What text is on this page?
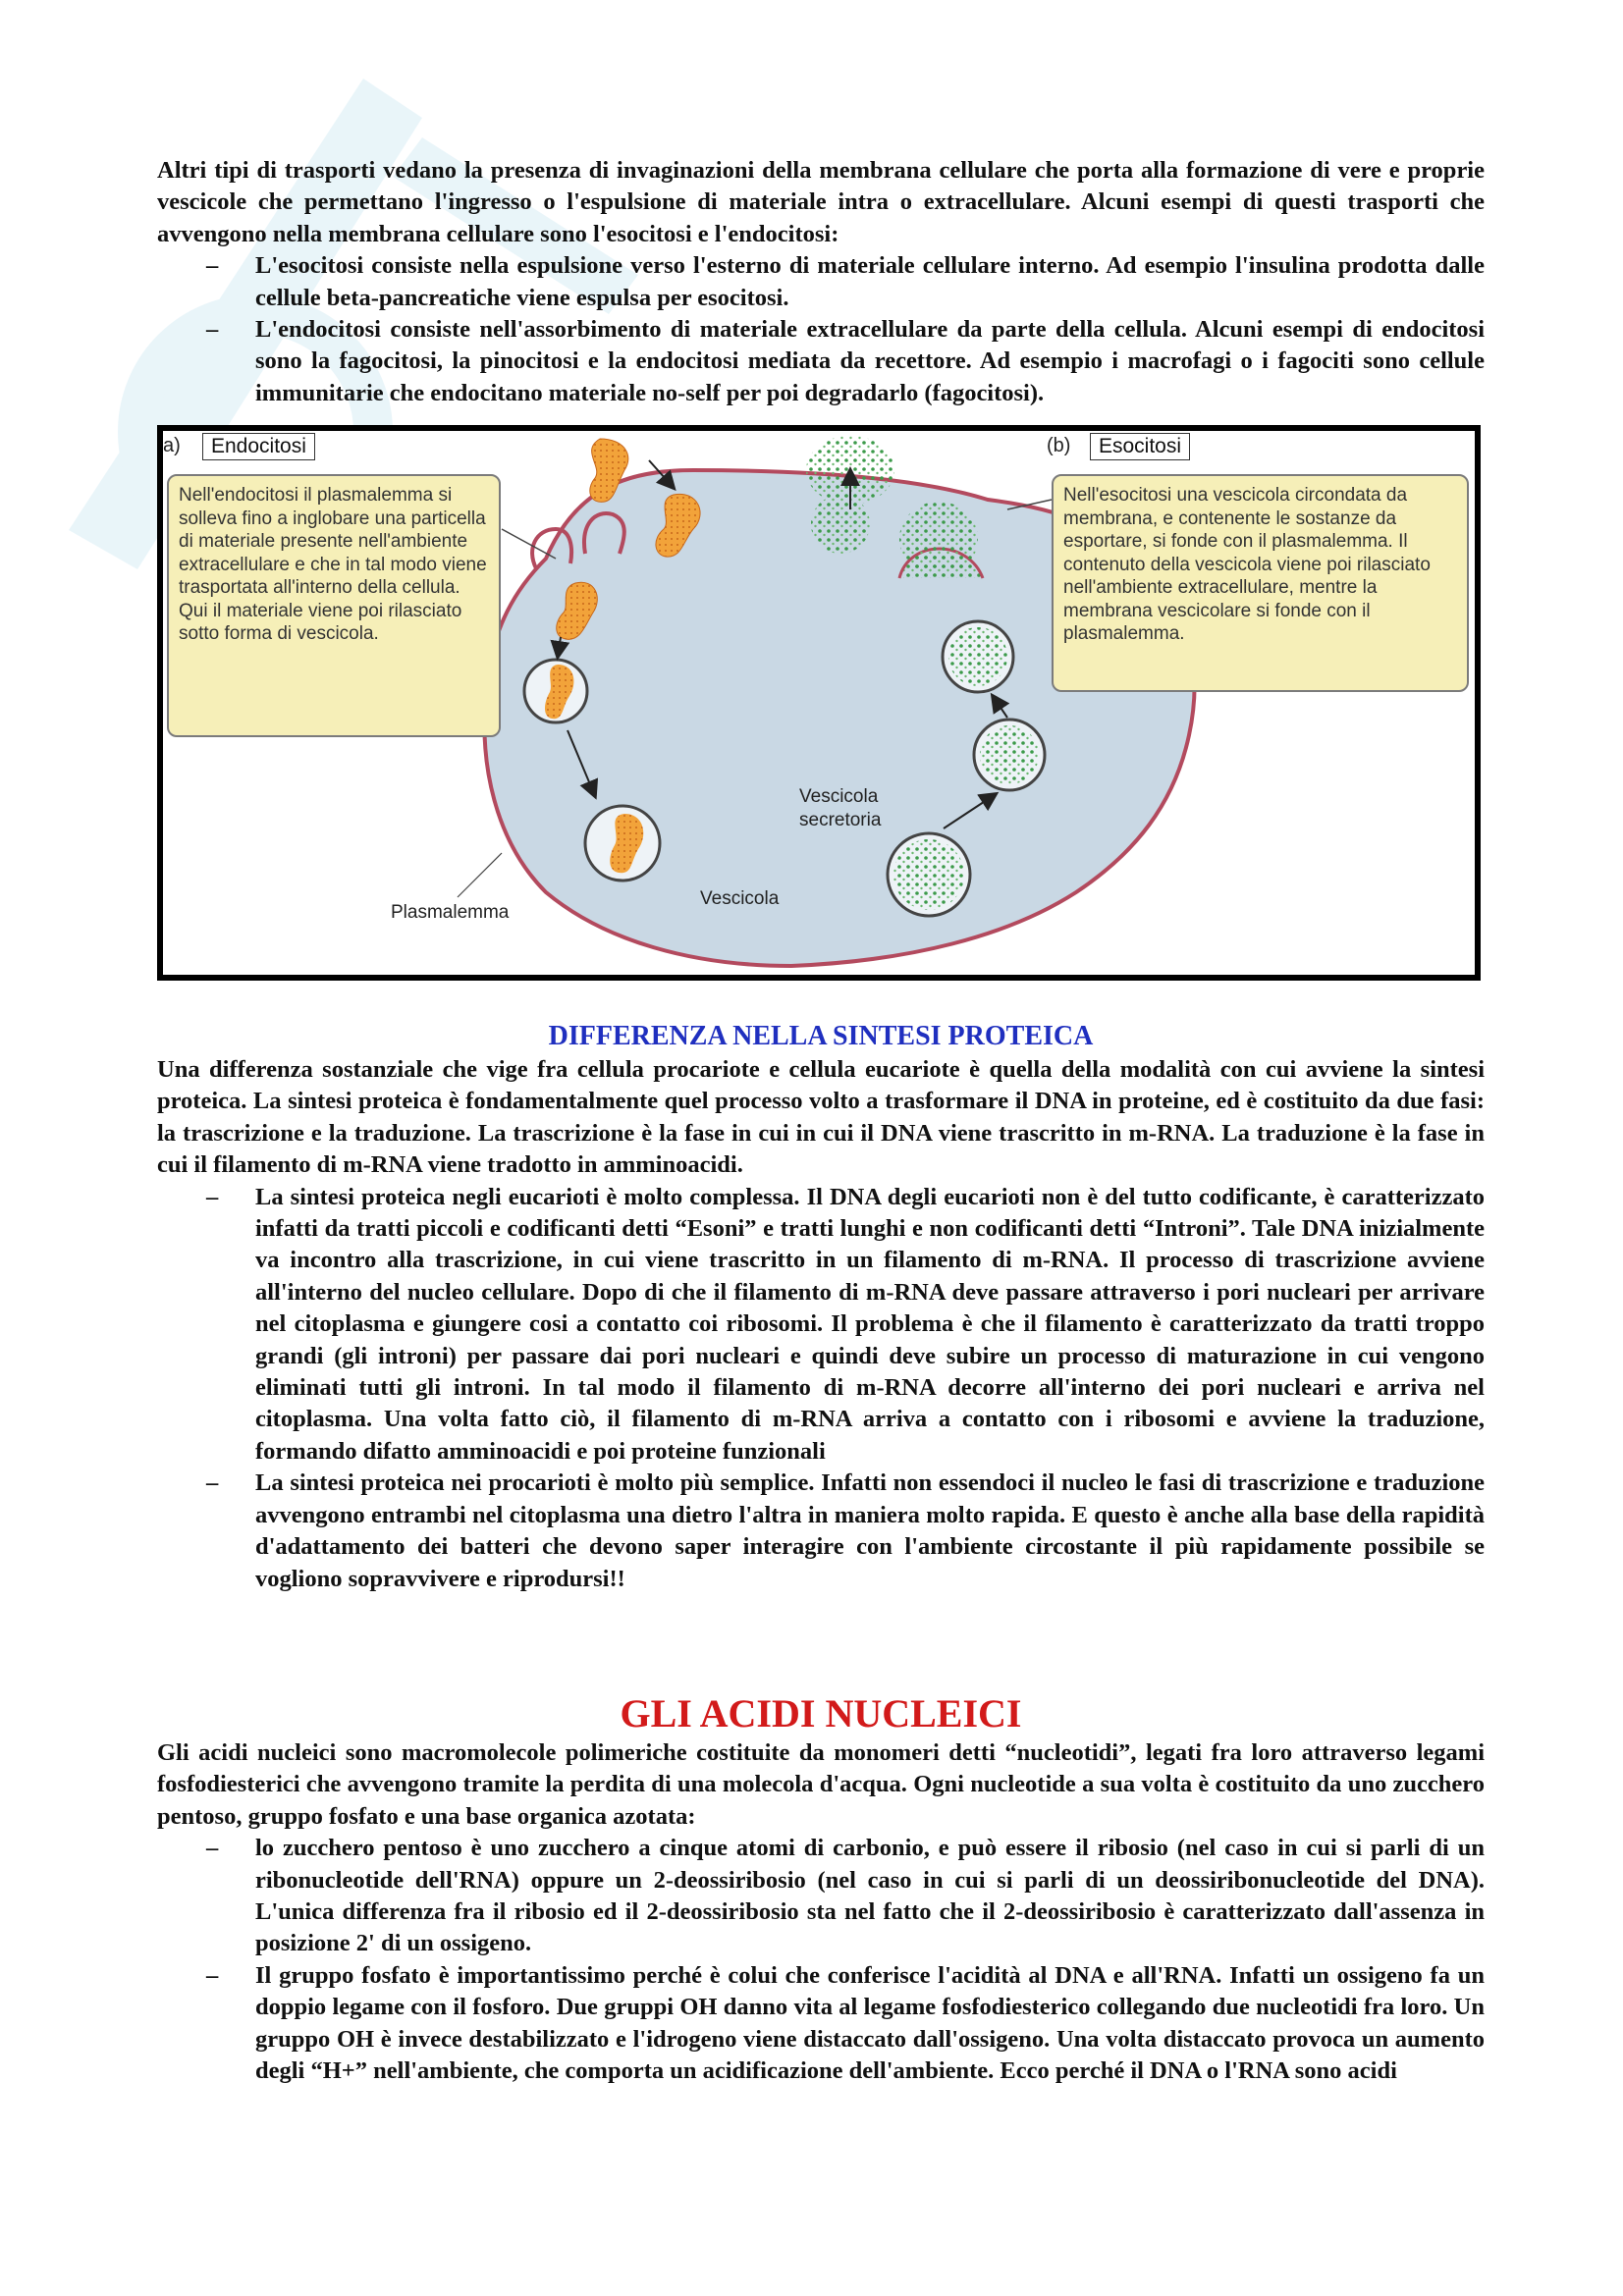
Altri tipi di trasporti vedano la presenza di invaginazioni della membrana cellulare che porta alla formazione di vere e proprie vescicole che permettano l'ingresso o l'espulsione di materiale intra o extracellulare. Alcuni esempi di questi trasporti che avvengono nella membrana cellulare sono l'esocitosi e l'endocitosi:

– L'esocitosi consiste nella espulsione verso l'esterno di materiale cellulare interno. Ad esempio l'insulina prodotta dalle cellule beta-pancreatiche viene espulsa per esocitosi.
– L'endocitosi consiste nell'assorbimento di materiale extracellulare da parte della cellula. Alcuni esempi di endocitosi sono la fagocitosi, la pinocitosi e la endocitosi mediata da recettore. Ad esempio i macrofagi o i fagociti sono cellule immunitarie che endocitano materiale no-self per poi degradarlo (fagocitosi).
a)	Endocitosi	(b)	Esocitosi
Nell'endocitosi il plasmalemma si solleva fino a inglobare una particella di materiale presente nell'ambiente extracellulare e che in tal modo viene trasportata all'interno della cellula. Qui il materiale viene poi rilasciato sotto forma di vescicola.
Nell'esocitosi una vescicola circondata da membrana, e contenente le sostanze da esportare, si fonde con il plasmalemma. Il contenuto della vescicola viene poi rilasciato nell'ambiente extracellulare, mentre la membrana vescicolare si fonde con il plasmalemma.
Vescicola
secretoria
Vescicola
Plasmalemma
DIFFERENZA NELLA SINTESI PROTEICA

Una differenza sostanziale che vige fra cellula procariote e cellula eucariote è quella della modalità con cui avviene la sintesi proteica. La sintesi proteica è fondamentalmente quel processo volto a trasformare il DNA in proteine, ed è costituito da due fasi: la trascrizione e la traduzione. La trascrizione è la fase in cui in cui il DNA viene trascritto in m-RNA. La traduzione è la fase in cui il filamento di m-RNA viene tradotto in amminoacidi.

– La sintesi proteica negli eucarioti è molto complessa. Il DNA degli eucarioti non è del tutto codificante, è caratterizzato infatti da tratti piccoli e codificanti detti “Esoni” e tratti lunghi e non codificanti detti “Introni”. Tale DNA inizialmente va incontro alla trascrizione, in cui viene trascritto in un filamento di m-RNA. Il processo di trascrizione avviene all'interno del nucleo cellulare. Dopo di che il filamento di m-RNA deve passare attraverso i pori nucleari per arrivare nel citoplasma e giungere cosi a contatto coi ribosomi. Il problema è che il filamento è caratterizzato da tratti troppo grandi (gli introni) per passare dai pori nucleari e quindi deve subire un processo di maturazione in cui vengono eliminati tutti gli introni. In tal modo il filamento di m-RNA decorre all'interno dei pori nucleari e arriva nel citoplasma. Una volta fatto ciò, il filamento di m-RNA arriva a contatto con i ribosomi e avviene la traduzione, formando difatto amminoacidi e poi proteine funzionali
– La sintesi proteica nei procarioti è molto più semplice. Infatti non essendoci il nucleo le fasi di trascrizione e traduzione avvengono entrambi nel citoplasma una dietro l'altra in maniera molto rapida. E questo è anche alla base della rapidità d'adattamento dei batteri che devono saper interagire con l'ambiente circostante il più rapidamente possibile se vogliono sopravvivere e riprodursi!!
GLI ACIDI NUCLEICI

Gli acidi nucleici sono macromolecole polimeriche costituite da monomeri detti “nucleotidi”, legati fra loro attraverso legami fosfodiesterici che avvengono tramite la perdita di una molecola d'acqua. Ogni nucleotide a sua volta è costituito da uno zucchero pentoso, gruppo fosfato e una base organica azotata:

– lo zucchero pentoso è uno zucchero a cinque atomi di carbonio, e può essere il ribosio (nel caso in cui si parli di un ribonucleotide dell'RNA) oppure un 2-deossiribosio (nel caso in cui si parli di un deossiribonucleotide del DNA). L'unica differenza fra il ribosio ed il 2-deossiribosio sta nel fatto che il 2-deossiribosio è caratterizzato dall'assenza in posizione 2' di un ossigeno.
– Il gruppo fosfato è importantissimo perché è colui che conferisce l'acidità al DNA e all'RNA. Infatti un ossigeno fa un doppio legame con il fosforo. Due gruppi OH danno vita al legame fosfodiesterico collegando due nucleotidi fra loro. Un gruppo OH è invece destabilizzato e l'idrogeno viene distaccato dall'ossigeno. Una volta distaccato provoca un aumento degli “H+” nell'ambiente, che comporta un acidificazione dell'ambiente. Ecco perché il DNA o l'RNA sono acidi
